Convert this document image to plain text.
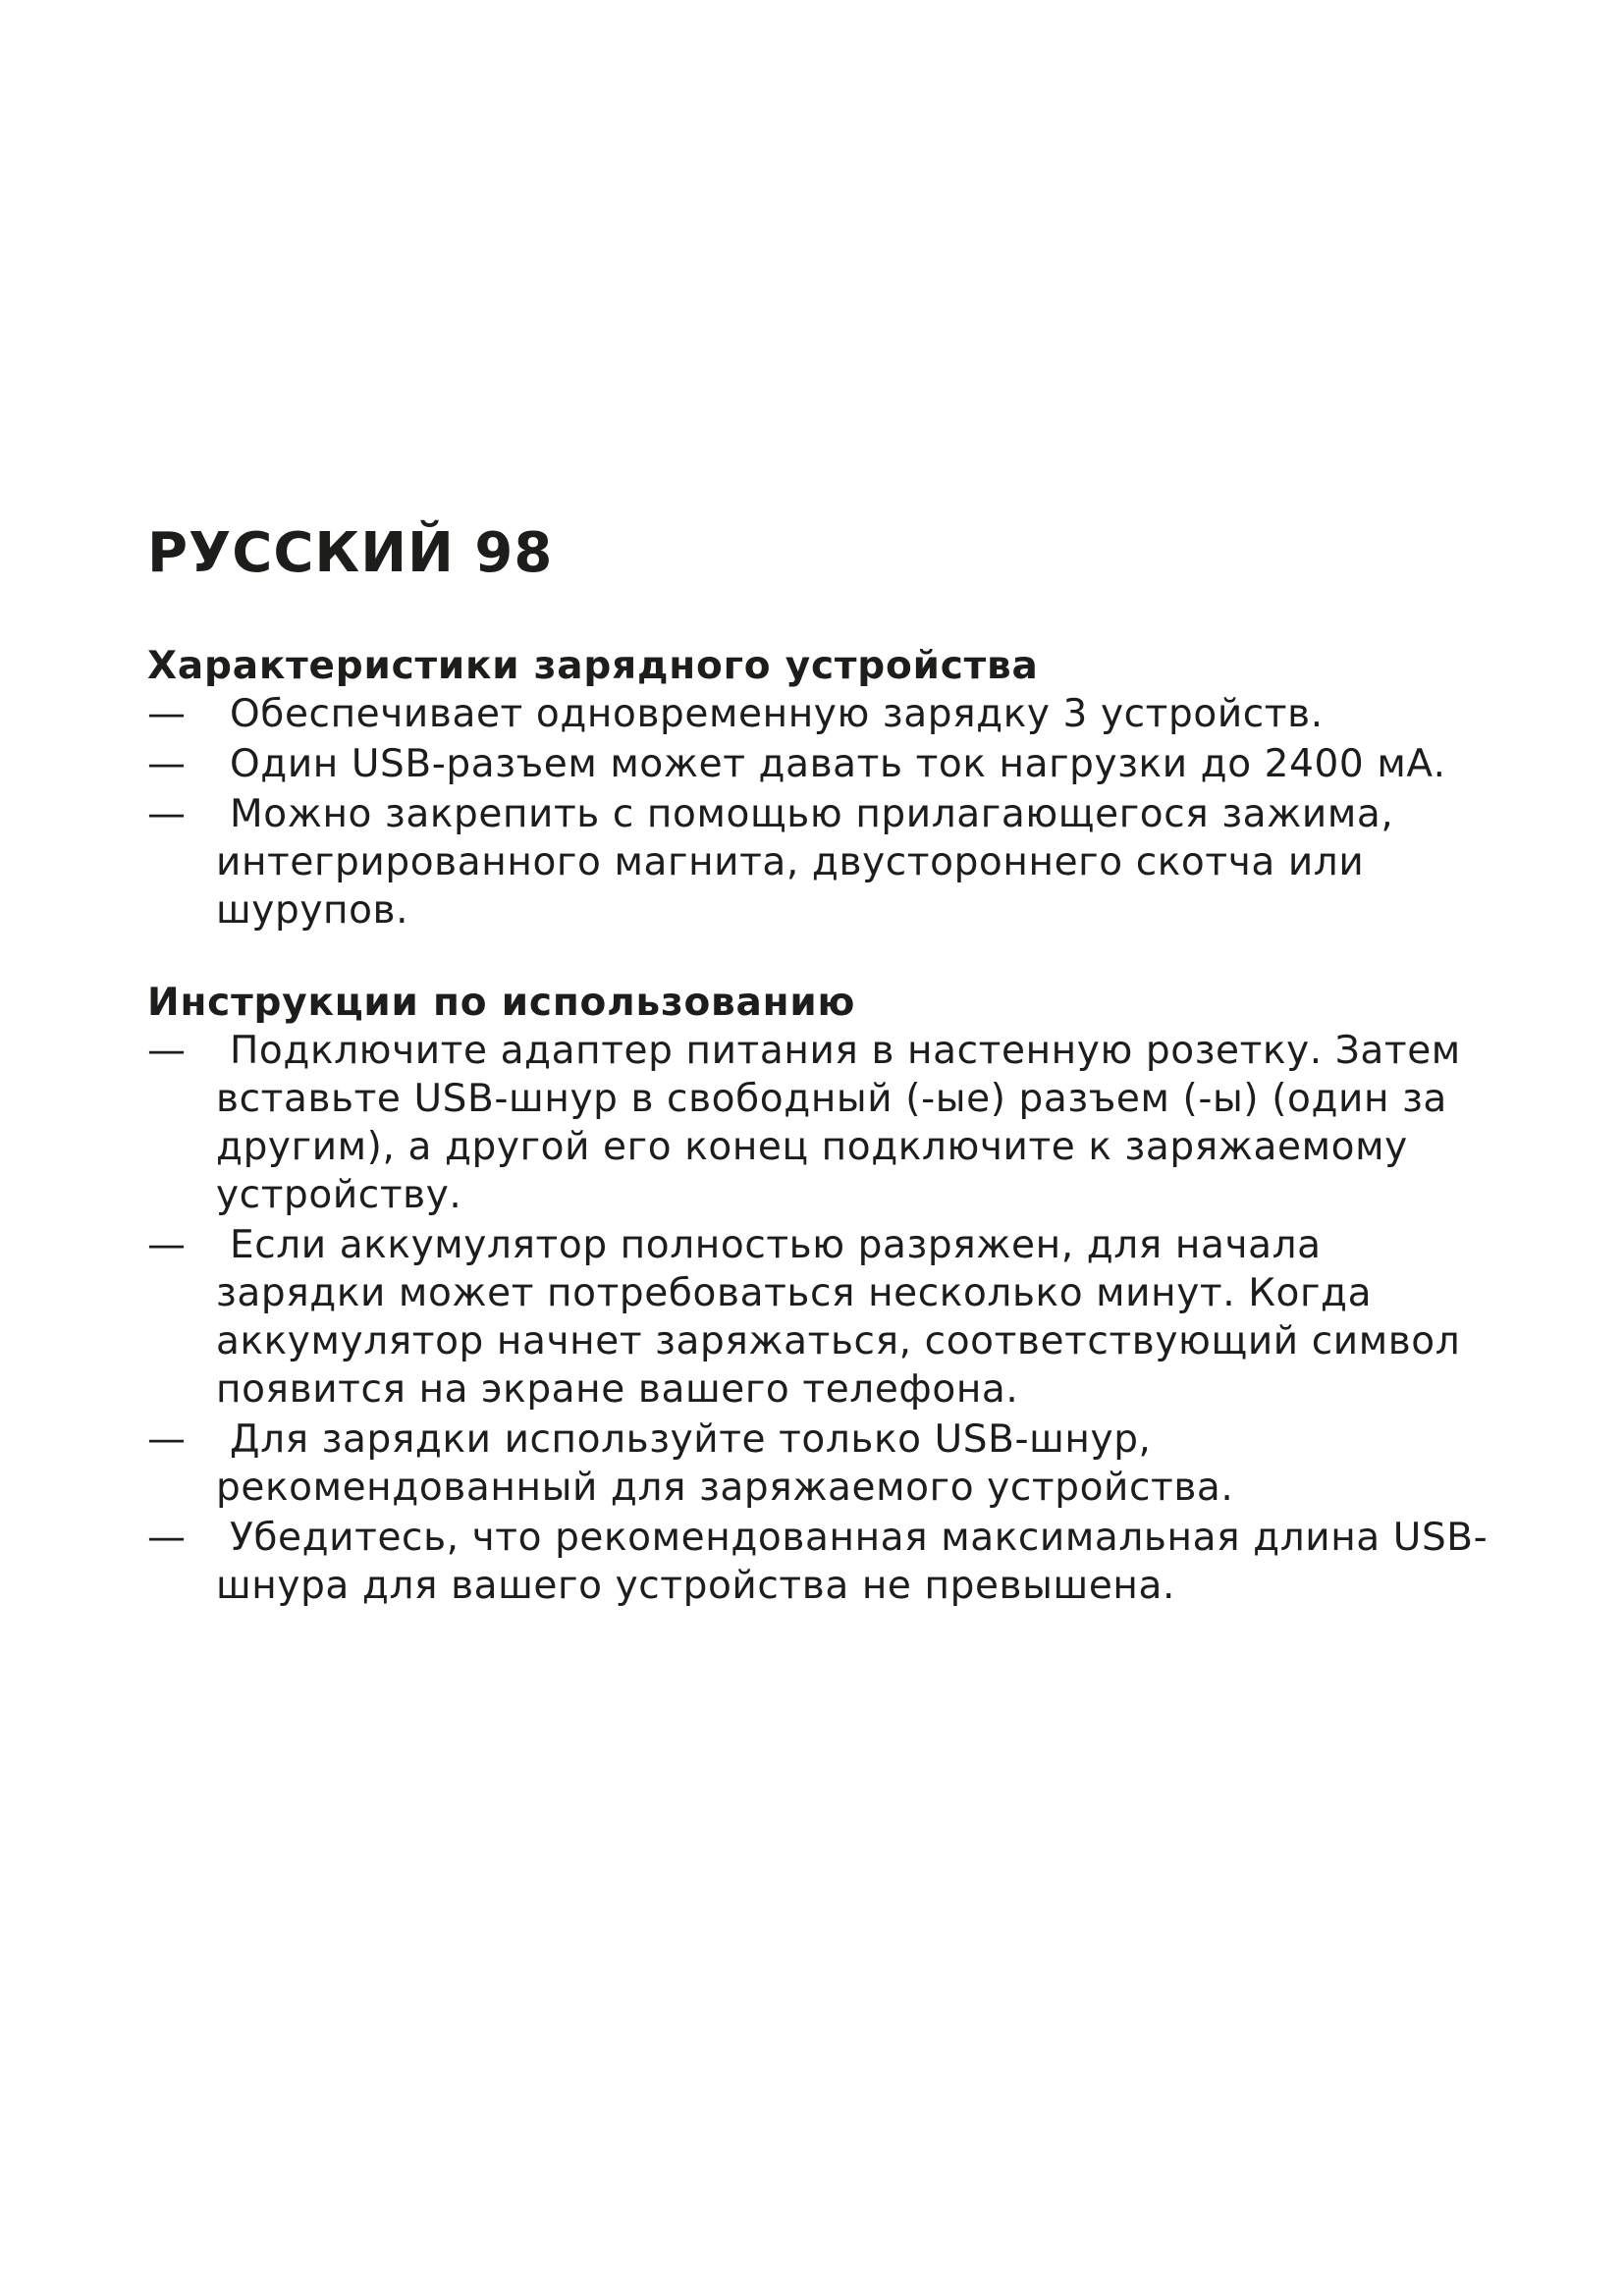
РУССКИЙ 98
Характеристики зарядного устройства
— Обеспечивает одновременную зарядку 3 устройств.
— Один USB-разъем может давать ток нагрузки до 2400 мА.
— Можно закрепить с помощью прилагающегося зажима, интегрированного магнита, двустороннего скотча или шурупов.
Инструкции по использованию
— Подключите адаптер питания в настенную розетку. Затем вставьте USB-шнур в свободный (-ые) разъем (-ы) (один за другим), а другой его конец подключите к заряжаемому устройству.
— Если аккумулятор полностью разряжен, для начала зарядки может потребоваться несколько минут. Когда аккумулятор начнет заряжаться, соответствующий символ появится на экране вашего телефона.
— Для зарядки используйте только USB-шнур, рекомендованный для заряжаемого устройства.
— Убедитесь, что рекомендованная максимальная длина USB-шнура для вашего устройства не превышена.
